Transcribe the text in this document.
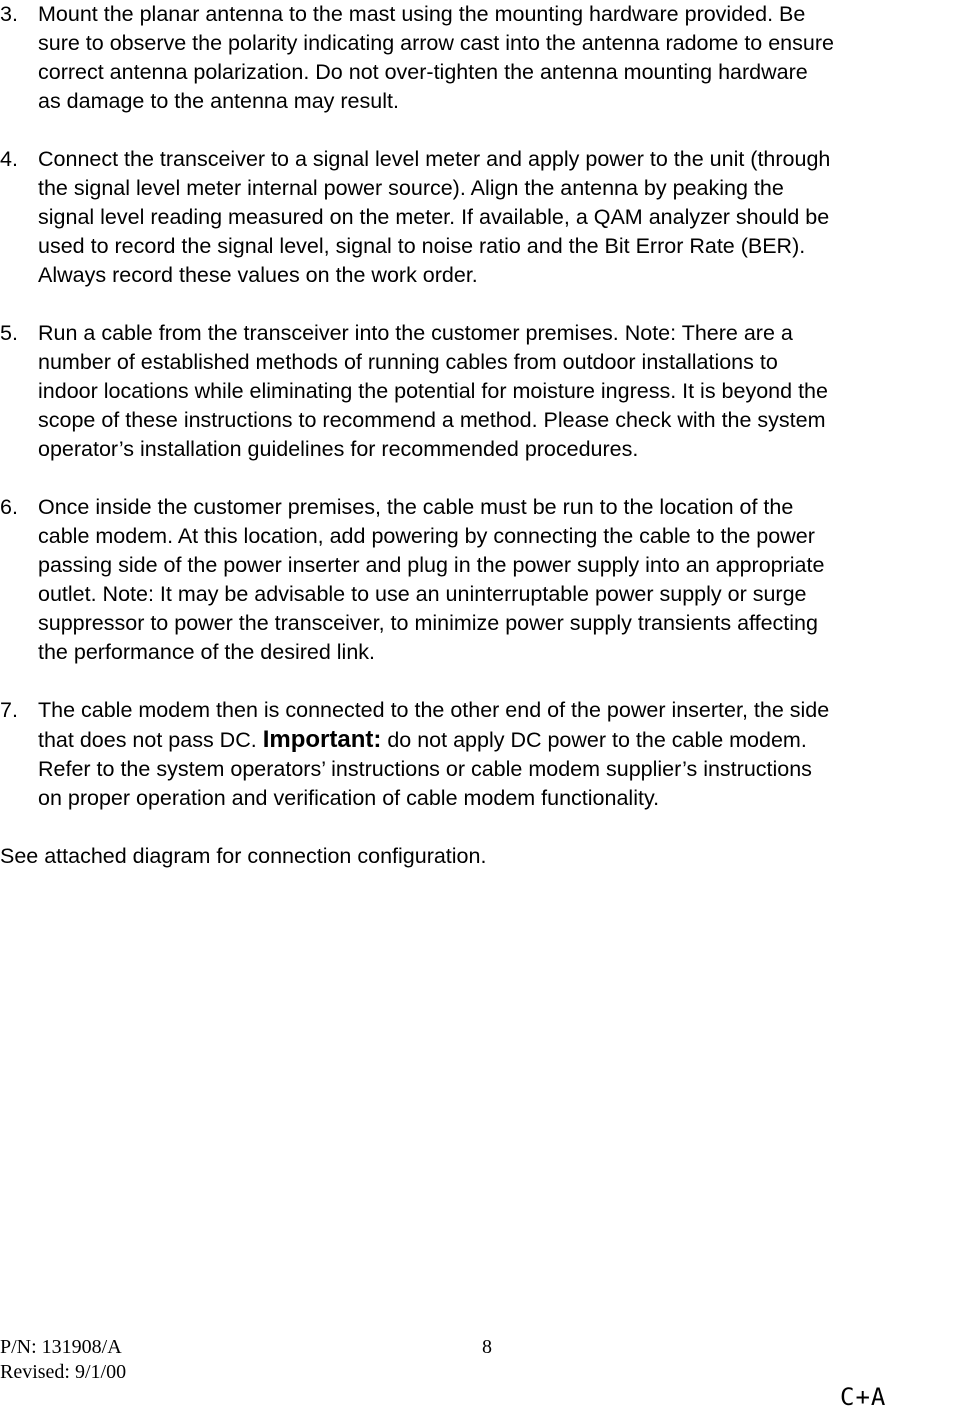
3. Mount the planar antenna to the mast using the mounting hardware provided. Be
sure to observe the polarity indicating arrow cast into the antenna radome to ensure
correct antenna polarization. Do not over-tighten the antenna mounting hardware
as damage to the antenna may result.
4. Connect the transceiver to a signal level meter and apply power to the unit (through
the signal level meter internal power source). Align the antenna by peaking the
signal level reading measured on the meter. If available, a QAM analyzer should be
used to record the signal level, signal to noise ratio and the Bit Error Rate (BER).
Always record these values on the work order.
5. Run a cable from the transceiver into the customer premises. Note: There are a
number of established methods of running cables from outdoor installations to
indoor locations while eliminating the potential for moisture ingress. It is beyond the
scope of these instructions to recommend a method. Please check with the system
operator’s installation guidelines for recommended procedures.
6. Once inside the customer premises, the cable must be run to the location of the
cable modem. At this location, add powering by connecting the cable to the power
passing side of the power inserter and plug in the power supply into an appropriate
outlet. Note: It may be advisable to use an uninterruptable power supply or surge
suppressor to power the transceiver, to minimize power supply transients affecting
the performance of the desired link.
7. The cable modem then is connected to the other end of the power inserter, the side
that does not pass DC. Important: do not apply DC power to the cable modem.
Refer to the system operators’ instructions or cable modem supplier’s instructions
on proper operation and verification of cable modem functionality.

See attached diagram for connection configuration.

P/N: 131908/A	8
Revised: 9/1/00
C+A
